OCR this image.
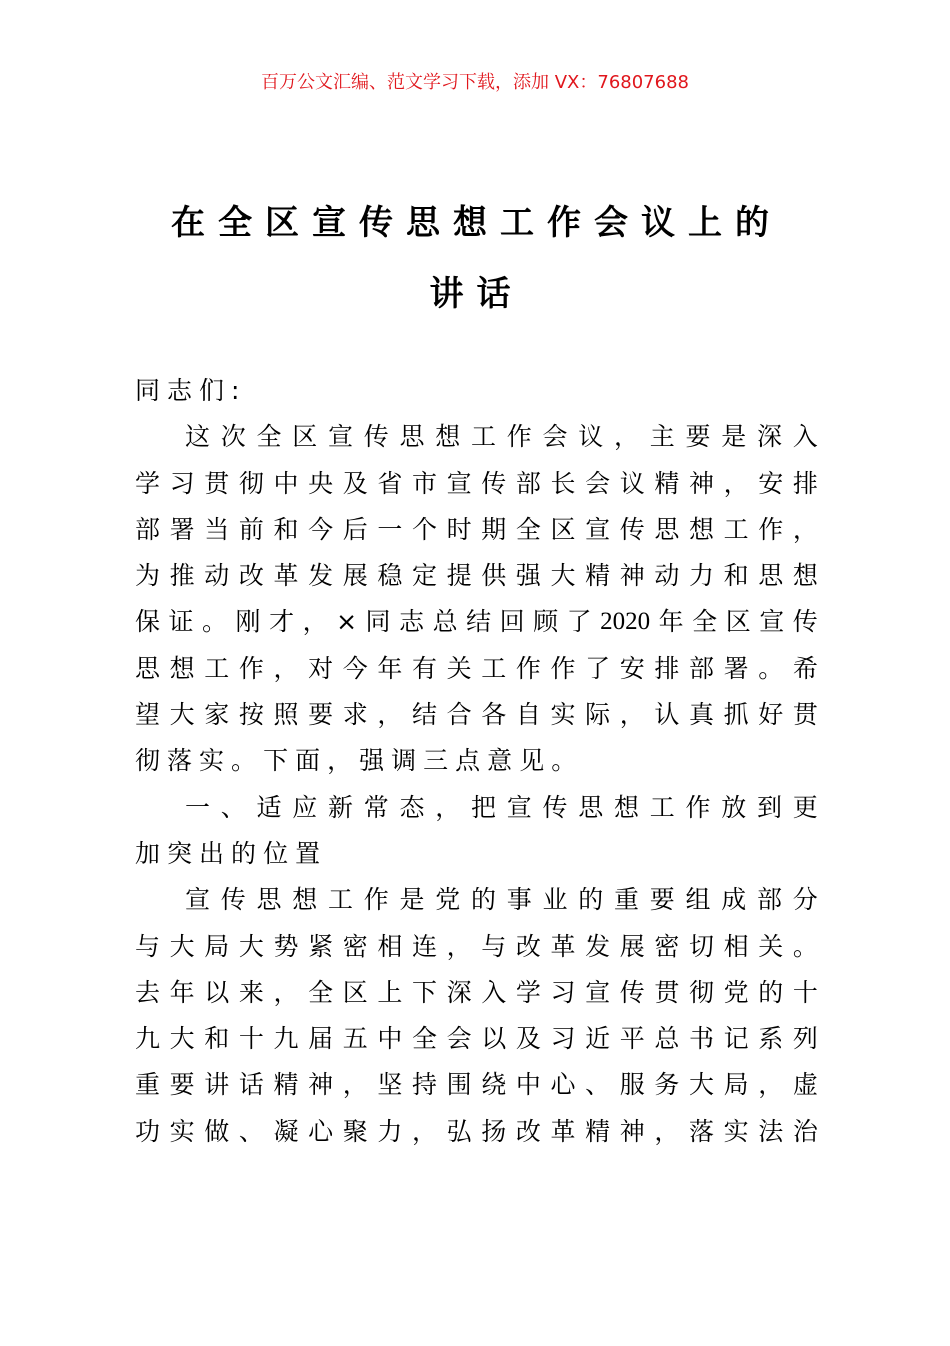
百万公文汇编、范文学习下载，添加 VX：76807688
在全区宣传思想工作会议上的
讲话
同 志 们 :
这 次 全 区 宣 传 思 想 工 作 会 议 ， 主 要 是 深 入
学 习 贯 彻 中 央 及 省 市 宣 传 部 长 会 议 精 神 ， 安 排
部 署 当 前 和 今 后 一 个 时 期 全 区 宣 传 思 想 工 作 ，
为 推 动 改 革 发 展 稳 定 提 供 强 大 精 神 动 力 和 思 想
保 证 。 刚 才 ， × 同 志 总 结 回 顾 了 2020 年 全 区 宣 传
思 想 工 作 ， 对 今 年 有 关 工 作 作 了 安 排 部 署 。 希
望 大 家 按 照 要 求 ， 结 合 各 自 实 际 ， 认 真 抓 好 贯
彻 落 实 。 下 面 ， 强 调 三 点 意 见 。
一 、 适 应 新 常 态 ， 把 宣 传 思 想 工 作 放 到 更
加 突 出 的 位 置
宣 传 思 想 工 作 是 党 的 事 业 的 重 要 组 成 部 分
与 大 局 大 势 紧 密 相 连 ， 与 改 革 发 展 密 切 相 关 。
去 年 以 来 ， 全 区 上 下 深 入 学 习 宣 传 贯 彻 党 的 十
九 大 和 十 九 届 五 中 全 会 以 及 习 近 平 总 书 记 系 列
重 要 讲 话 精 神 ， 坚 持 围 绕 中 心 、 服 务 大 局 ， 虚
功 实 做 、 凝 心 聚 力 ， 弘 扬 改 革 精 神 ， 落 实 法 治
